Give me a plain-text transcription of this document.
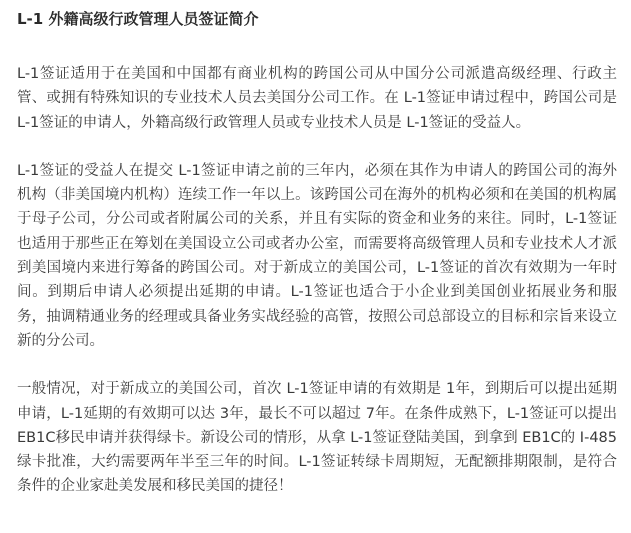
L-1 外籍高级行政管理人员签证简介

L-1签证适用于在美国和中国都有商业机构的跨国公司从中国分公司派遣高级经理、行政主管、或拥有特殊知识的专业技术人员去美国分公司工作。在 L-1签证申请过程中，跨国公司是 L-1签证的申请人，外籍高级行政管理人员或专业技术人员是 L-1签证的受益人。

L-1签证的受益人在提交 L-1签证申请之前的三年内，必须在其作为申请人的跨国公司的海外机构（非美国境内机构）连续工作一年以上。该跨国公司在海外的机构必须和在美国的机构属于母子公司，分公司或者附属公司的关系，并且有实际的资金和业务的来往。同时，L-1签证也适用于那些正在筹划在美国设立公司或者办公室，而需要将高级管理人员和专业技术人才派到美国境内来进行筹备的跨国公司。对于新成立的美国公司，L-1签证的首次有效期为一年时间。到期后申请人必须提出延期的申请。L-1签证也适合于小企业到美国创业拓展业务和服务，抽调精通业务的经理或具备业务实战经验的高管，按照公司总部设立的目标和宗旨来设立新的分公司。

一般情况，对于新成立的美国公司，首次 L-1签证申请的有效期是 1年，到期后可以提出延期申请，L-1延期的有效期可以达 3年，最长不可以超过 7年。在条件成熟下，L-1签证可以提出EB1C移民申请并获得绿卡。新设公司的情形，从拿 L-1签证登陆美国，到拿到 EB1C的 I-485绿卡批准，大约需要两年半至三年的时间。L-1签证转绿卡周期短，无配额排期限制，是符合条件的企业家赴美发展和移民美国的捷径！
